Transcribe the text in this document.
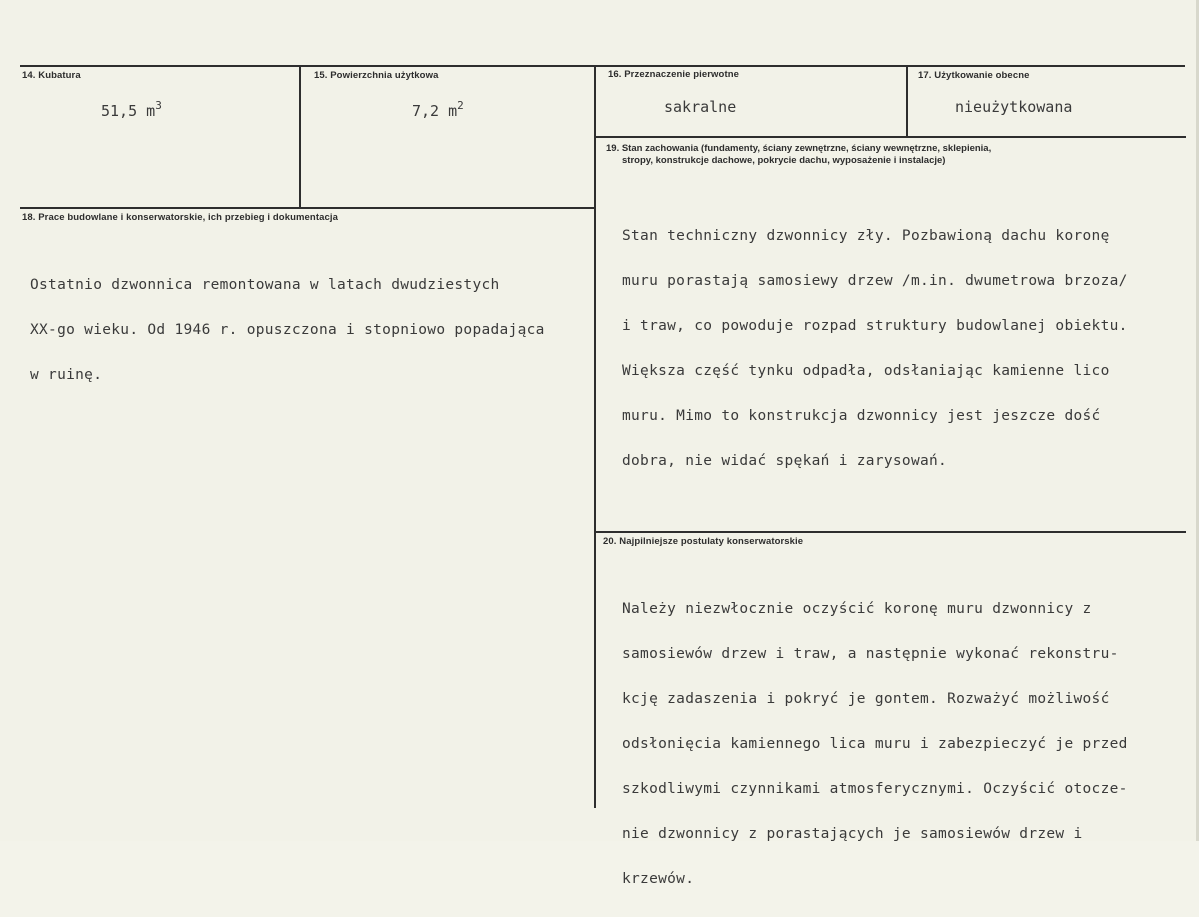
14. Kubatura
51,5 $m^3$
15. Powierzchnia użytkowa
7,2 $m^2$
16. Przeznaczenie pierwotne
sakralne
17. Użytkowanie obecne
nieużytkowana
18. Prace budowlane i konserwatorskie, ich przebieg i dokumentacja

Ostatnio dzwonnica remontowana w latach dwudziestych

XX-go wieku. Od 1946 r. opuszczona i stopniowo popadająca

w ruinę.

19. Stan zachowania (fundamenty, ściany zewnętrzne, ściany wewnętrzne, sklepienia,
stropy, konstrukcje dachowe, pokrycie dachu, wyposażenie i instalacje)

Stan techniczny dzwonnicy zły. Pozbawioną dachu koronę

muru porastają samosiewy drzew /m.in. dwumetrowa brzoza/

i traw, co powoduje rozpad struktury budowlanej obiektu.

Większa część tynku odpadła, odsłaniając kamienne lico

muru. Mimo to konstrukcja dzwonnicy jest jeszcze dość

dobra, nie widać spękań i zarysowań.

20. Najpilniejsze postulaty konserwatorskie

Należy niezwłocznie oczyścić koronę muru dzwonnicy z

samosiewów drzew i traw, a następnie wykonać rekonstru-

kcję zadaszenia i pokryć je gontem. Rozważyć możliwość

odsłonięcia kamiennego lica muru i zabezpieczyć je przed

szkodliwymi czynnikami atmosferycznymi. Oczyścić otocze-

nie dzwonnicy z porastających je samosiewów drzew i

krzewów.
